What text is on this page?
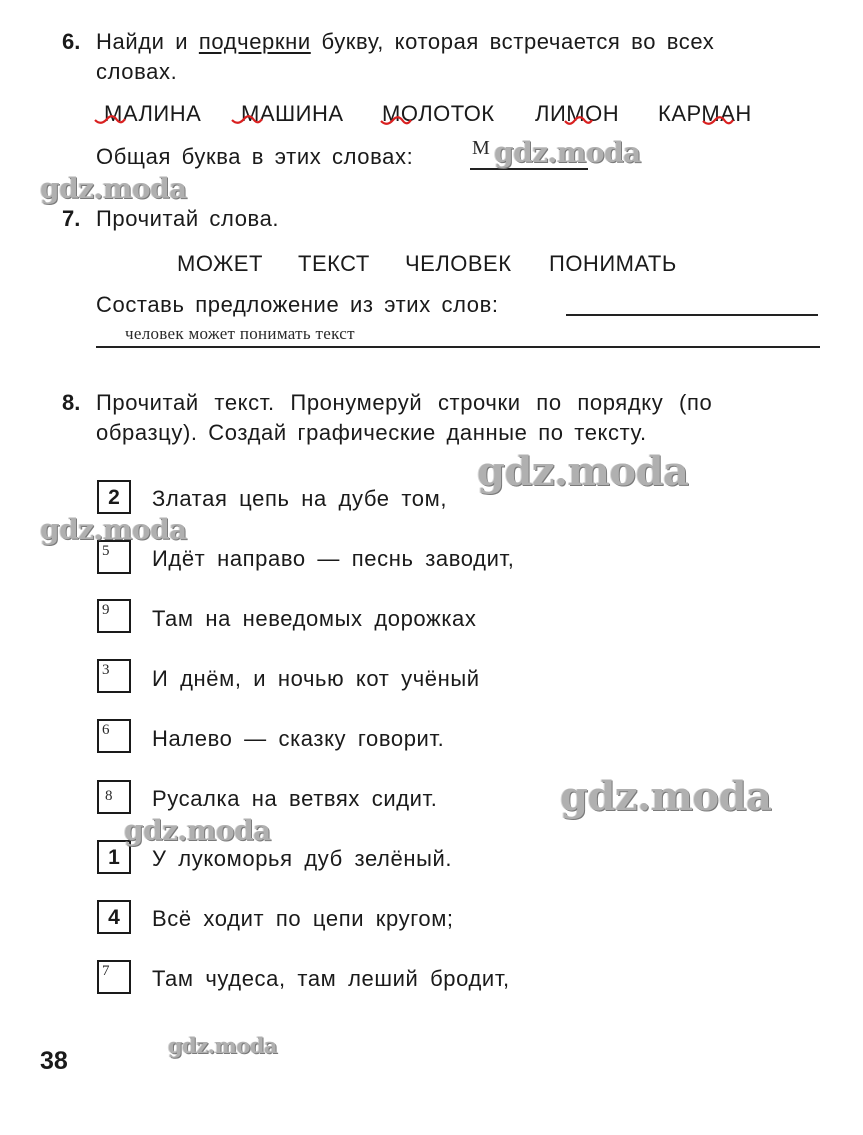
6. Найди и подчеркни букву, которая встречается во всех
словах.
МАЛИНА МАШИНА МОЛОТОК ЛИМОН КАРМАН
Общая буква в этих словах:	М
7. Прочитай слова.
МОЖЕТ ТЕКСТ ЧЕЛОВЕК ПОНИМАТЬ
Составь предложение из этих слов:
человек может понимать текст
8. Прочитай текст. Пронумеруй строчки по порядку (по
образцу). Создай графические данные по тексту.
2	Златая цепь на дубе том,
5 Идёт направо — песнь заводит,
9 Там на неведомых дорожках
3 И днём, и ночью кот учёный
6 Налево — сказку говорит.
8 Русалка на ветвях сидит.
1	У лукоморья дуб зелёный.
4	Всё ходит по цепи кругом;
7 Там чудеса, там леший бродит,
38
gdz.moda
gdz.moda
gdz.moda
gdz.moda
gdz.moda
gdz.moda
gdz.moda
